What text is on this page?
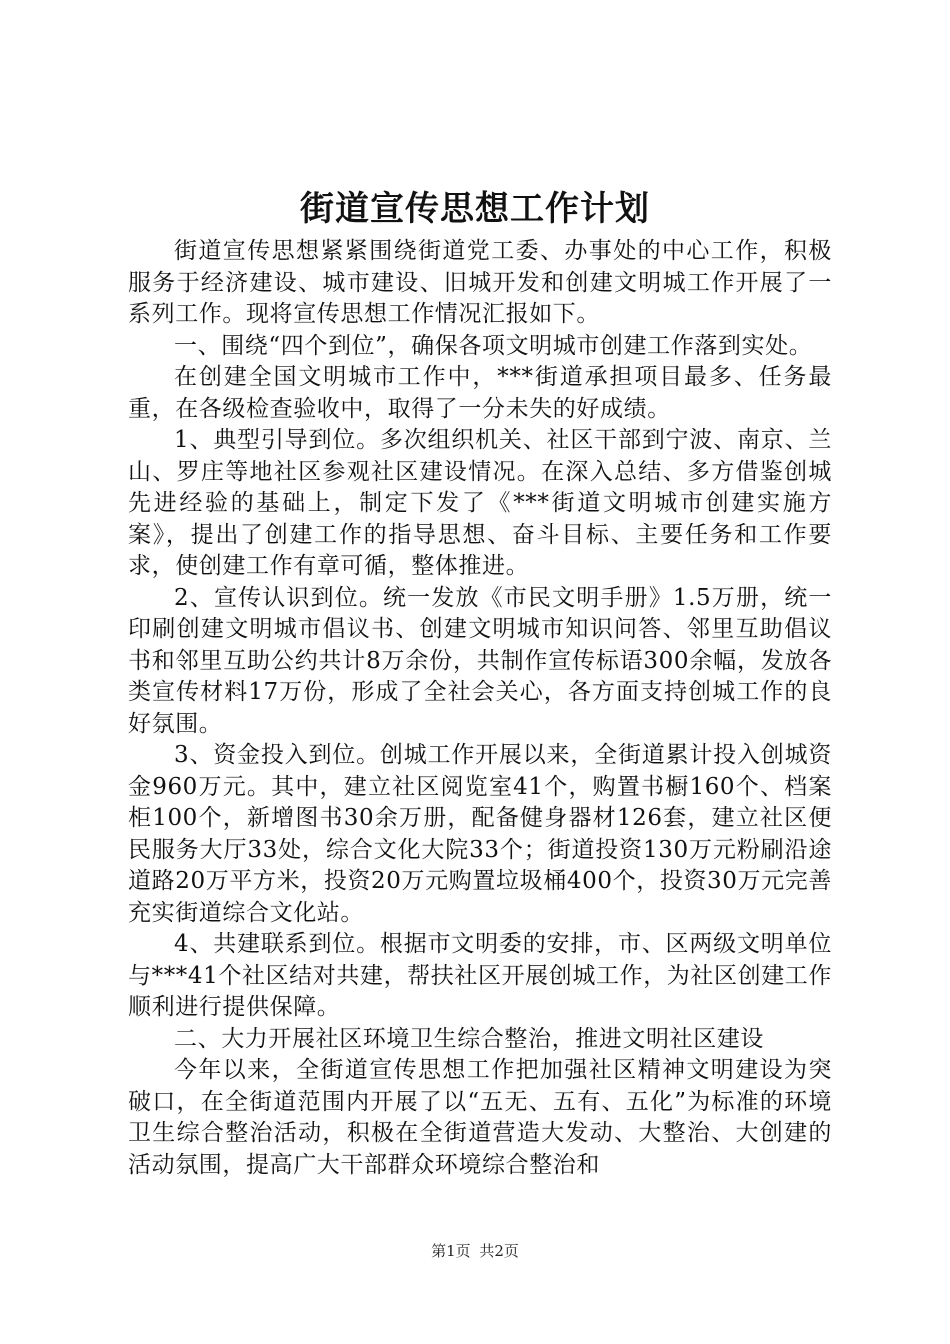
街道宣传思想工作计划

街道宣传思想紧紧围绕街道党工委、办事处的中心工作，积极服务于经济建设、城市建设、旧城开发和创建文明城工作开展了一系列工作。现将宣传思想工作情况汇报如下。

一、围绕“四个到位”，确保各项文明城市创建工作落到实处。

在创建全国文明城市工作中，***街道承担项目最多、任务最重，在各级检查验收中，取得了一分未失的好成绩。

1、典型引导到位。多次组织机关、社区干部到宁波、南京、兰山、罗庄等地社区参观社区建设情况。在深入总结、多方借鉴创城先进经验的基础上，制定下发了《***街道文明城市创建实施方案》，提出了创建工作的指导思想、奋斗目标、主要任务和工作要求，使创建工作有章可循，整体推进。

2、宣传认识到位。统一发放《市民文明手册》1.5万册，统一印刷创建文明城市倡议书、创建文明城市知识问答、邻里互助倡议书和邻里互助公约共计8万余份，共制作宣传标语300余幅，发放各类宣传材料17万份，形成了全社会关心，各方面支持创城工作的良好氛围。

3、资金投入到位。创城工作开展以来，全街道累计投入创城资金960万元。其中，建立社区阅览室41个，购置书橱160个、档案柜100个，新增图书30余万册，配备健身器材126套，建立社区便民服务大厅33处，综合文化大院33个；街道投资130万元粉刷沿途道路20万平方米，投资20万元购置垃圾桶400个，投资30万元完善充实街道综合文化站。

4、共建联系到位。根据市文明委的安排，市、区两级文明单位与***41个社区结对共建，帮扶社区开展创城工作，为社区创建工作顺利进行提供保障。

二、大力开展社区环境卫生综合整治，推进文明社区建设

今年以来，全街道宣传思想工作把加强社区精神文明建设为突破口，在全街道范围内开展了以“五无、五有、五化”为标准的环境卫生综合整治活动，积极在全街道营造大发动、大整治、大创建的活动氛围，提高广大干部群众环境综合整治和

第1页 共2页
